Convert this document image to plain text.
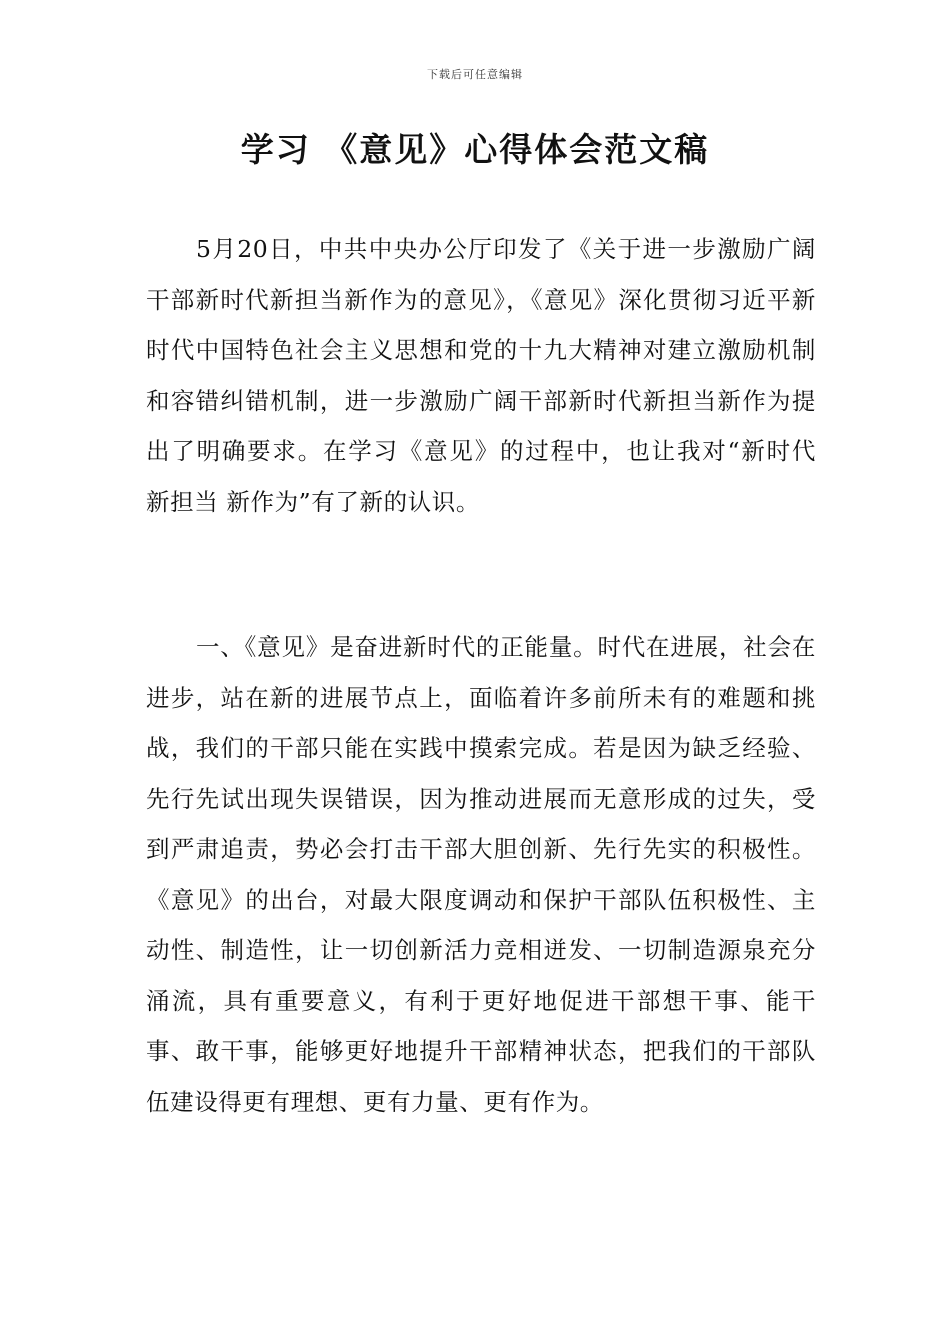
下载后可任意编辑
学习 《意见》心得体会范文稿

5月20日，中共中央办公厅印发了《关于进一步激励广阔干部新时代新担当新作为的意见》，《意见》深化贯彻习近平新时代中国特色社会主义思想和党的十九大精神对建立激励机制和容错纠错机制，进一步激励广阔干部新时代新担当新作为提出了明确要求。在学习《意见》的过程中，也让我对“新时代 新担当 新作为”有了新的认识。

一、《意见》是奋进新时代的正能量。时代在进展，社会在进步，站在新的进展节点上，面临着许多前所未有的难题和挑战，我们的干部只能在实践中摸索完成。若是因为缺乏经验、先行先试出现失误错误，因为推动进展而无意形成的过失，受到严肃追责，势必会打击干部大胆创新、先行先实的积极性。《意见》的出台，对最大限度调动和保护干部队伍积极性、主动性、制造性，让一切创新活力竞相迸发、一切制造源泉充分涌流，具有重要意义，有利于更好地促进干部想干事、能干事、敢干事，能够更好地提升干部精神状态，把我们的干部队伍建设得更有理想、更有力量、更有作为。
